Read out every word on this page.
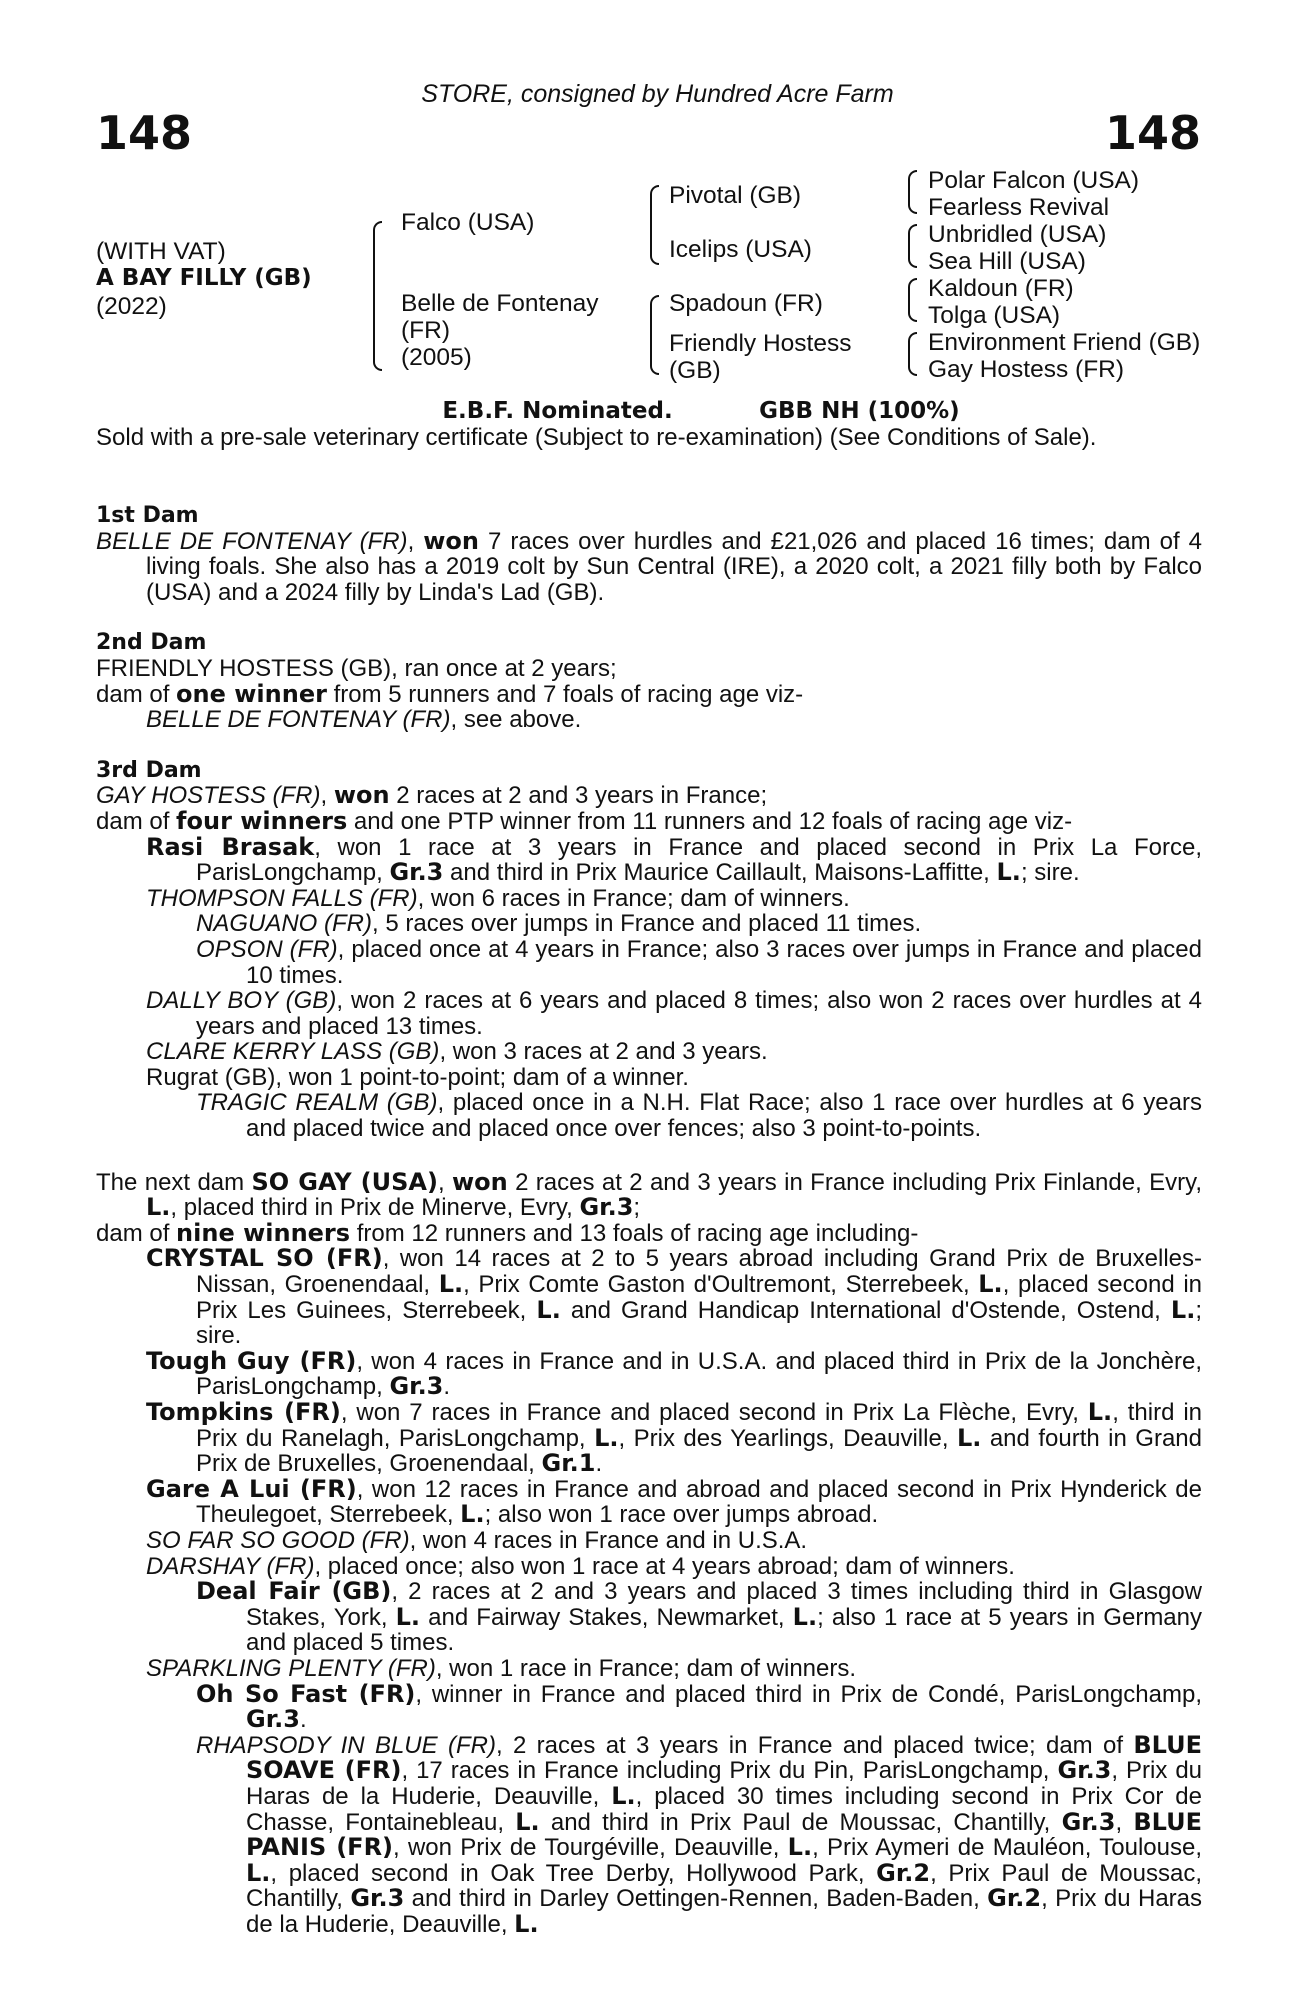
STORE, consigned by Hundred Acre Farm
148	148
(WITH VAT)
A BAY FILLY (GB)
(2022)
Falco (USA)
Belle de Fontenay
(FR)
(2005)
Pivotal (GB)
Icelips (USA)
Spadoun (FR)
Friendly Hostess
(GB)
Polar Falcon (USA)
Fearless Revival
Unbridled (USA)
Sea Hill (USA)
Kaldoun (FR)
Tolga (USA)
Environment Friend (GB)
Gay Hostess (FR)
E.B.F. Nominated.	GBB NH (100%)
Sold with a pre-sale veterinary certificate (Subject to re-examination) (See Conditions of Sale).
1st Dam
BELLE DE FONTENAY (FR), won 7 races over hurdles and £21,026 and placed 16 times; dam of 4 living foals. She also has a 2019 colt by Sun Central (IRE), a 2020 colt, a 2021 filly both by Falco (USA) and a 2024 filly by Linda's Lad (GB).
2nd Dam
FRIENDLY HOSTESS (GB), ran once at 2 years;
dam of one winner from 5 runners and 7 foals of racing age viz-
BELLE DE FONTENAY (FR), see above.
3rd Dam
GAY HOSTESS (FR), won 2 races at 2 and 3 years in France;
dam of four winners and one PTP winner from 11 runners and 12 foals of racing age viz-
Rasi Brasak, won 1 race at 3 years in France and placed second in Prix La Force, ParisLongchamp, Gr.3 and third in Prix Maurice Caillault, Maisons-Laffitte, L.; sire.
THOMPSON FALLS (FR), won 6 races in France; dam of winners.
NAGUANO (FR), 5 races over jumps in France and placed 11 times.
OPSON (FR), placed once at 4 years in France; also 3 races over jumps in France and placed 10 times.
DALLY BOY (GB), won 2 races at 6 years and placed 8 times; also won 2 races over hurdles at 4 years and placed 13 times.
CLARE KERRY LASS (GB), won 3 races at 2 and 3 years.
Rugrat (GB), won 1 point-to-point; dam of a winner.
TRAGIC REALM (GB), placed once in a N.H. Flat Race; also 1 race over hurdles at 6 years and placed twice and placed once over fences; also 3 point-to-points.
The next dam SO GAY (USA), won 2 races at 2 and 3 years in France including Prix Finlande, Evry, L., placed third in Prix de Minerve, Evry, Gr.3;
dam of nine winners from 12 runners and 13 foals of racing age including-
CRYSTAL SO (FR), won 14 races at 2 to 5 years abroad including Grand Prix de Bruxelles-Nissan, Groenendaal, L., Prix Comte Gaston d'Oultremont, Sterrebeek, L., placed second in Prix Les Guinees, Sterrebeek, L. and Grand Handicap International d'Ostende, Ostend, L.; sire.
Tough Guy (FR), won 4 races in France and in U.S.A. and placed third in Prix de la Jonchère, ParisLongchamp, Gr.3.
Tompkins (FR), won 7 races in France and placed second in Prix La Flèche, Evry, L., third in Prix du Ranelagh, ParisLongchamp, L., Prix des Yearlings, Deauville, L. and fourth in Grand Prix de Bruxelles, Groenendaal, Gr.1.
Gare A Lui (FR), won 12 races in France and abroad and placed second in Prix Hynderick de Theulegoet, Sterrebeek, L.; also won 1 race over jumps abroad.
SO FAR SO GOOD (FR), won 4 races in France and in U.S.A.
DARSHAY (FR), placed once; also won 1 race at 4 years abroad; dam of winners.
Deal Fair (GB), 2 races at 2 and 3 years and placed 3 times including third in Glasgow Stakes, York, L. and Fairway Stakes, Newmarket, L.; also 1 race at 5 years in Germany and placed 5 times.
SPARKLING PLENTY (FR), won 1 race in France; dam of winners.
Oh So Fast (FR), winner in France and placed third in Prix de Condé, ParisLongchamp, Gr.3.
RHAPSODY IN BLUE (FR), 2 races at 3 years in France and placed twice; dam of BLUE SOAVE (FR), 17 races in France including Prix du Pin, ParisLongchamp, Gr.3, Prix du Haras de la Huderie, Deauville, L., placed 30 times including second in Prix Cor de Chasse, Fontainebleau, L. and third in Prix Paul de Moussac, Chantilly, Gr.3, BLUE PANIS (FR), won Prix de Tourgéville, Deauville, L., Prix Aymeri de Mauléon, Toulouse, L., placed second in Oak Tree Derby, Hollywood Park, Gr.2, Prix Paul de Moussac, Chantilly, Gr.3 and third in Darley Oettingen-Rennen, Baden-Baden, Gr.2, Prix du Haras de la Huderie, Deauville, L.
